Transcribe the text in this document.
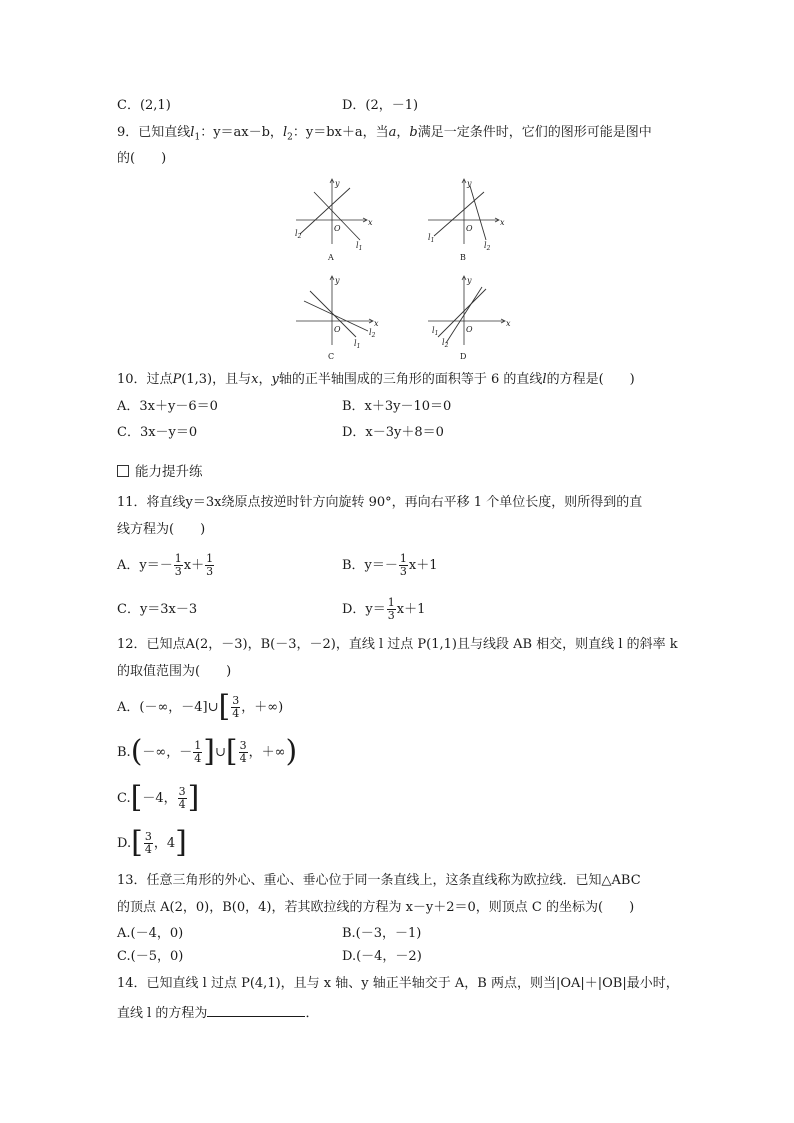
C．(2,1)	D．(2，－1)
9．已知直线$l_1$：y＝ax－b，$l_2$：y＝bx＋a，当a，b满足一定条件时，它们的图形可能是图中
的(　　)
x
y
O
$l_2$
$l_1$
A
x
y
O
$l_1$
$l_2$
B
x
y
O	$l_2$
$l_1$
C
x
y
O
$l_1$
$l_2$
D
10．过点P(1,3)，且与x，y轴的正半轴围成的三角形的面积等于 6 的直线l的方程是(　　)
A．3x＋y－6＝0	B．x＋3y－10＝0
C．3x－y＝0	D．x－3y＋8＝0
能力提升练
11．将直线y＝3x绕原点按逆时针方向旋转 90°，再向右平移 1 个单位长度，则所得到的直
线方程为(　　)
A．$y=- \frac{1}{3} x+ \frac{1}{3}$	B．$y=- \frac{1}{3} x+1$
C．y＝3x－3	D．$y= \frac{1}{3} x+1$
12．已知点A(2，－3)，B(－3，－2)，直线 l 过点 P(1,1)且与线段 AB 相交，则直线 l 的斜率 k
的取值范围为(　　)
A．(－∞，－4]∪[ $\frac{3}{4}$ ，＋∞)
B.(－∞，－ $\frac{1}{4}$ ]∪[ $\frac{3}{4}$ ，＋∞)
C.[－4， $\frac{3}{4}$ ]
$D.[ \frac{3}{4}$ ，4]
13．任意三角形的外心、重心、垂心位于同一条直线上，这条直线称为欧拉线．已知△ABC
的顶点 A(2，0)，B(0，4)，若其欧拉线的方程为 x－y＋2＝0，则顶点 C 的坐标为(　　)
A.(－4，0)	B.(－3，－1)
C.(－5，0)	D.(－4，－2)
14．已知直线 l 过点 P(4,1)，且与 x 轴、y 轴正半轴交于 A，B 两点，则当|OA|＋|OB|最小时，
直线 l 的方程为	．
